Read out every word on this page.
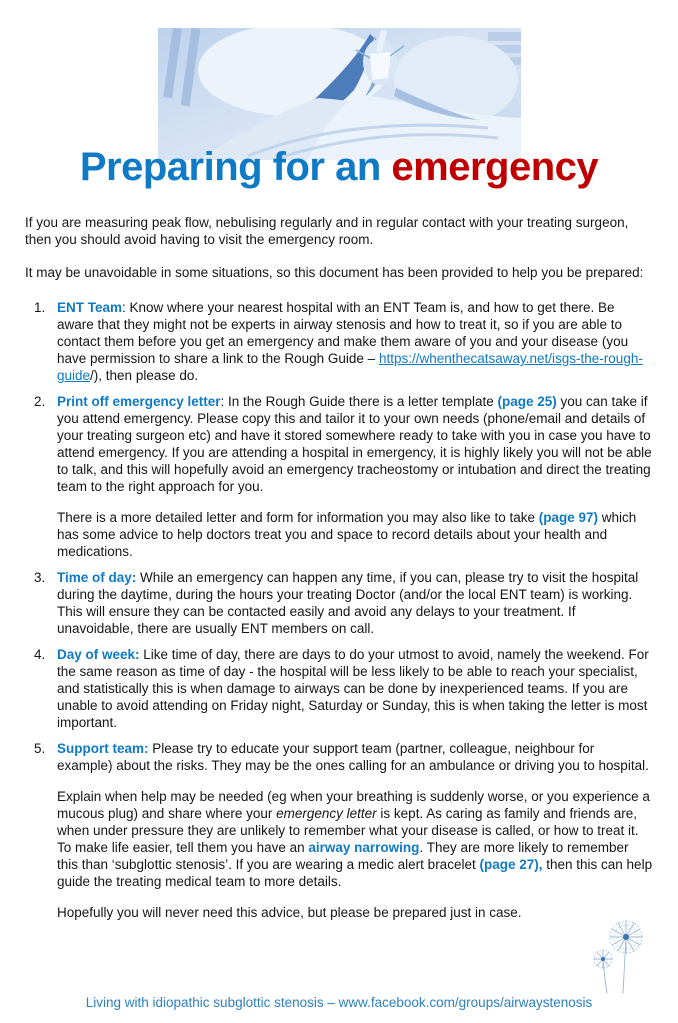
Preparing for an emergency

If you are measuring peak flow, nebulising regularly and in regular contact with your treating surgeon, then you should avoid having to visit the emergency room.

It may be unavoidable in some situations, so this document has been provided to help you be prepared:

1. ENT Team: Know where your nearest hospital with an ENT Team is, and how to get there. Be aware that they might not be experts in airway stenosis and how to treat it, so if you are able to contact them before you get an emergency and make them aware of you and your disease (you have permission to share a link to the Rough Guide – https://whenthecatsaway.net/isgs-the-rough-guide/), then please do.

2. Print off emergency letter: In the Rough Guide there is a letter template (page 25) you can take if you attend emergency. Please copy this and tailor it to your own needs (phone/email and details of your treating surgeon etc) and have it stored somewhere ready to take with you in case you have to attend emergency. If you are attending a hospital in emergency, it is highly likely you will not be able to talk, and this will hopefully avoid an emergency tracheostomy or intubation and direct the treating team to the right approach for you.

There is a more detailed letter and form for information you may also like to take (page 97) which has some advice to help doctors treat you and space to record details about your health and medications.

3. Time of day: While an emergency can happen any time, if you can, please try to visit the hospital during the daytime, during the hours your treating Doctor (and/or the local ENT team) is working. This will ensure they can be contacted easily and avoid any delays to your treatment. If unavoidable, there are usually ENT members on call.

4. Day of week: Like time of day, there are days to do your utmost to avoid, namely the weekend. For the same reason as time of day - the hospital will be less likely to be able to reach your specialist, and statistically this is when damage to airways can be done by inexperienced teams. If you are unable to avoid attending on Friday night, Saturday or Sunday, this is when taking the letter is most important.

5. Support team: Please try to educate your support team (partner, colleague, neighbour for example) about the risks. They may be the ones calling for an ambulance or driving you to hospital.

Explain when help may be needed (eg when your breathing is suddenly worse, or you experience a mucous plug) and share where your emergency letter is kept. As caring as family and friends are, when under pressure they are unlikely to remember what your disease is called, or how to treat it. To make life easier, tell them you have an airway narrowing. They are more likely to remember this than ‘subglottic stenosis’. If you are wearing a medic alert bracelet (page 27), then this can help guide the treating medical team to more details.

Hopefully you will never need this advice, but please be prepared just in case.

Living with idiopathic subglottic stenosis – www.facebook.com/groups/airwaystenosis
